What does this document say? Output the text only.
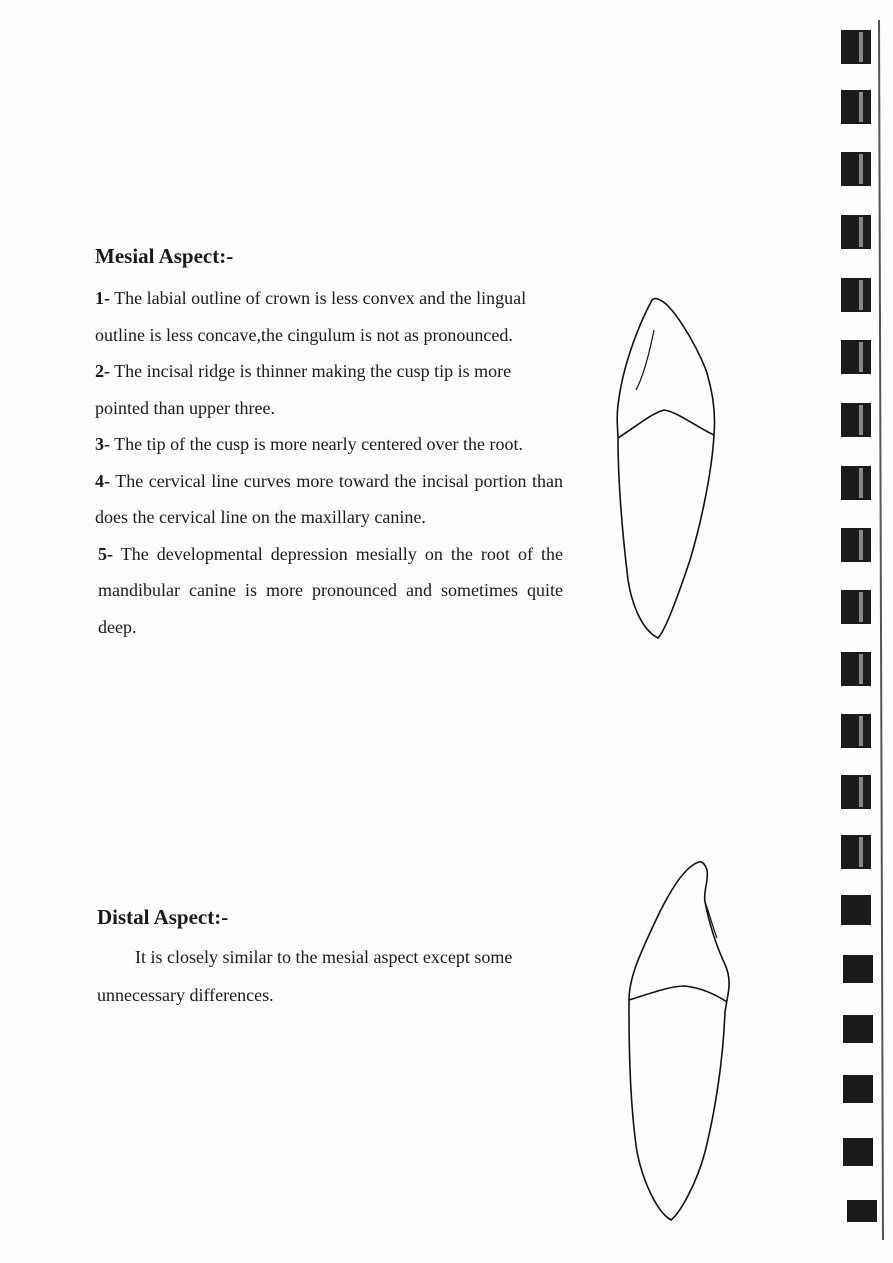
Mesial Aspect:-

1- The labial outline of crown is less convex and the lingual outline is less concave,the cingulum is not as pronounced.

2- The incisal ridge is thinner making the cusp tip is more pointed than upper three.

3- The tip of the cusp is more nearly centered over the root.

4- The cervical line curves more toward the incisal portion than does the cervical line on the maxillary canine.

5- The developmental depression mesially on the root of the mandibular canine is more pronounced and sometimes quite deep.

Distal Aspect:-

It is closely similar to the mesial aspect except some unnecessary differences.
